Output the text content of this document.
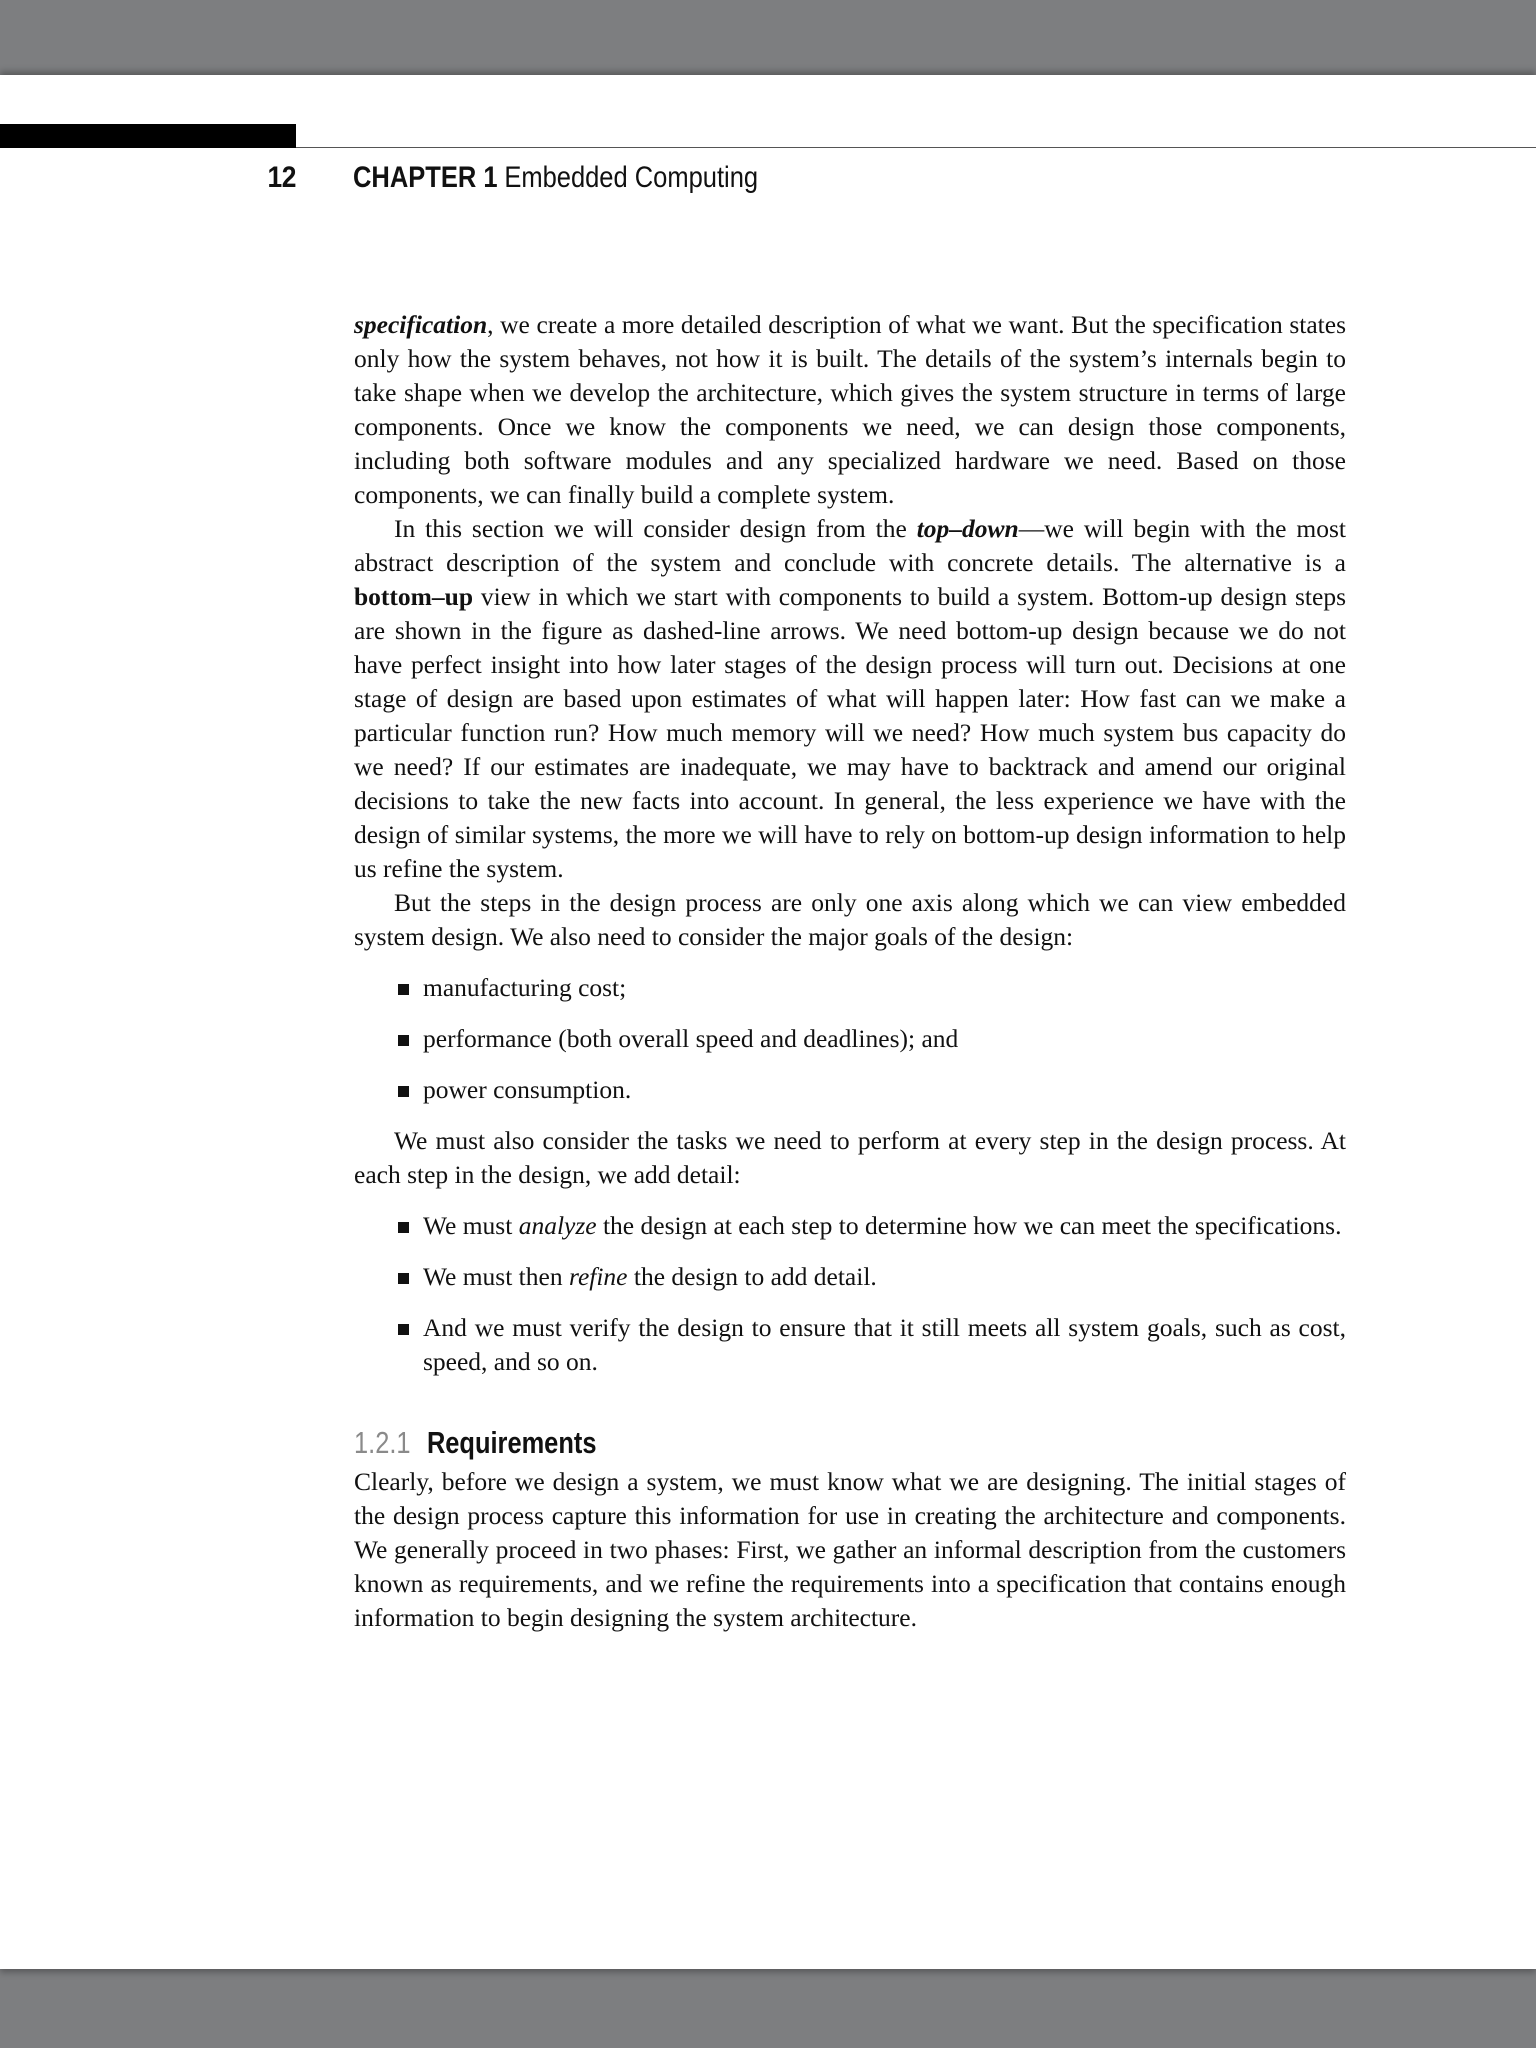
12 CHAPTER 1 Embedded Computing

specification, we create a more detailed description of what we want. But the specification states only how the system behaves, not how it is built. The details of the system’s internals begin to take shape when we develop the architecture, which gives the system structure in terms of large components. Once we know the components we need, we can design those components, including both software modules and any specialized hardware we need. Based on those components, we can finally build a complete system.

In this section we will consider design from the top–down—we will begin with the most abstract description of the system and conclude with concrete details. The alternative is a bottom–up view in which we start with components to build a system. Bottom-up design steps are shown in the figure as dashed-line arrows. We need bottom-up design because we do not have perfect insight into how later stages of the design process will turn out. Decisions at one stage of design are based upon estimates of what will happen later: How fast can we make a particular function run? How much memory will we need? How much system bus capacity do we need? If our estimates are inadequate, we may have to backtrack and amend our original decisions to take the new facts into account. In general, the less experience we have with the design of similar systems, the more we will have to rely on bottom-up design information to help us refine the system.

But the steps in the design process are only one axis along which we can view embedded system design. We also need to consider the major goals of the design:

manufacturing cost;
performance (both overall speed and deadlines); and
power consumption.

We must also consider the tasks we need to perform at every step in the design process. At each step in the design, we add detail:

We must analyze the design at each step to determine how we can meet the specifications.
We must then refine the design to add detail.
And we must verify the design to ensure that it still meets all system goals, such as cost, speed, and so on.
1.2.1 Requirements

Clearly, before we design a system, we must know what we are designing. The initial stages of the design process capture this information for use in creating the architecture and components. We generally proceed in two phases: First, we gather an informal description from the customers known as requirements, and we refine the requirements into a specification that contains enough information to begin designing the system architecture.
